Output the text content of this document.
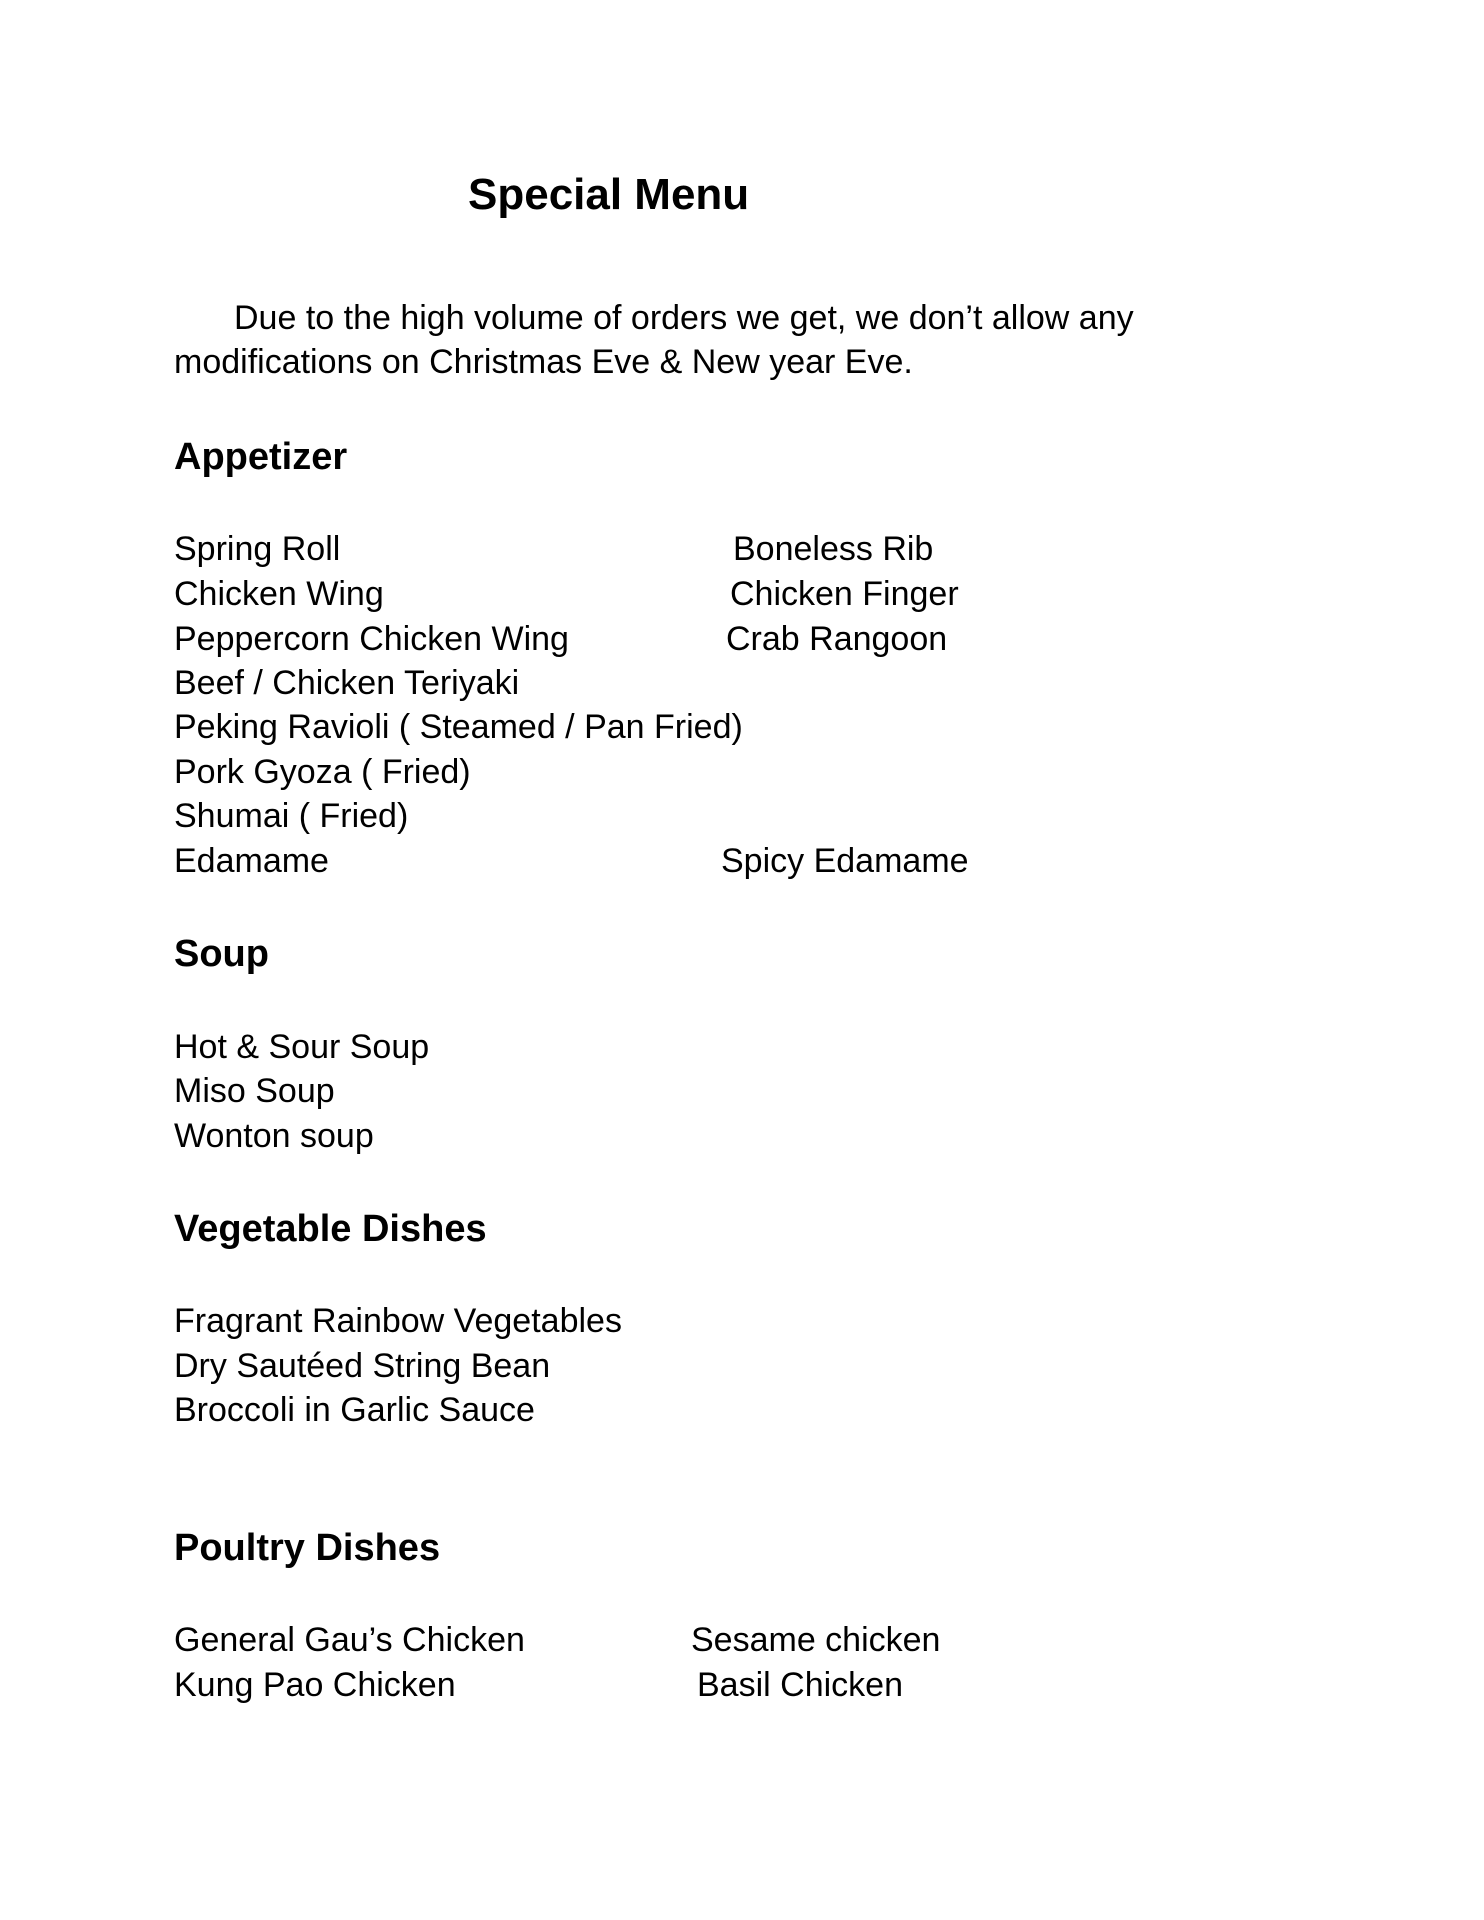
Special Menu
Due to the high volume of orders we get, we don’t allow any
modifications on Christmas Eve & New year Eve.
Appetizer
Spring Roll	Boneless Rib
Chicken Wing	Chicken Finger
Peppercorn Chicken Wing	Crab Rangoon
Beef / Chicken Teriyaki
Peking Ravioli ( Steamed / Pan Fried)
Pork Gyoza ( Fried)
Shumai ( Fried)
Edamame	Spicy Edamame
Soup
Hot & Sour Soup
Miso Soup
Wonton soup
Vegetable Dishes
Fragrant Rainbow Vegetables
Dry Sautéed String Bean
Broccoli in Garlic Sauce
Poultry Dishes
General Gau’s Chicken	Sesame chicken
Kung Pao Chicken	Basil Chicken
